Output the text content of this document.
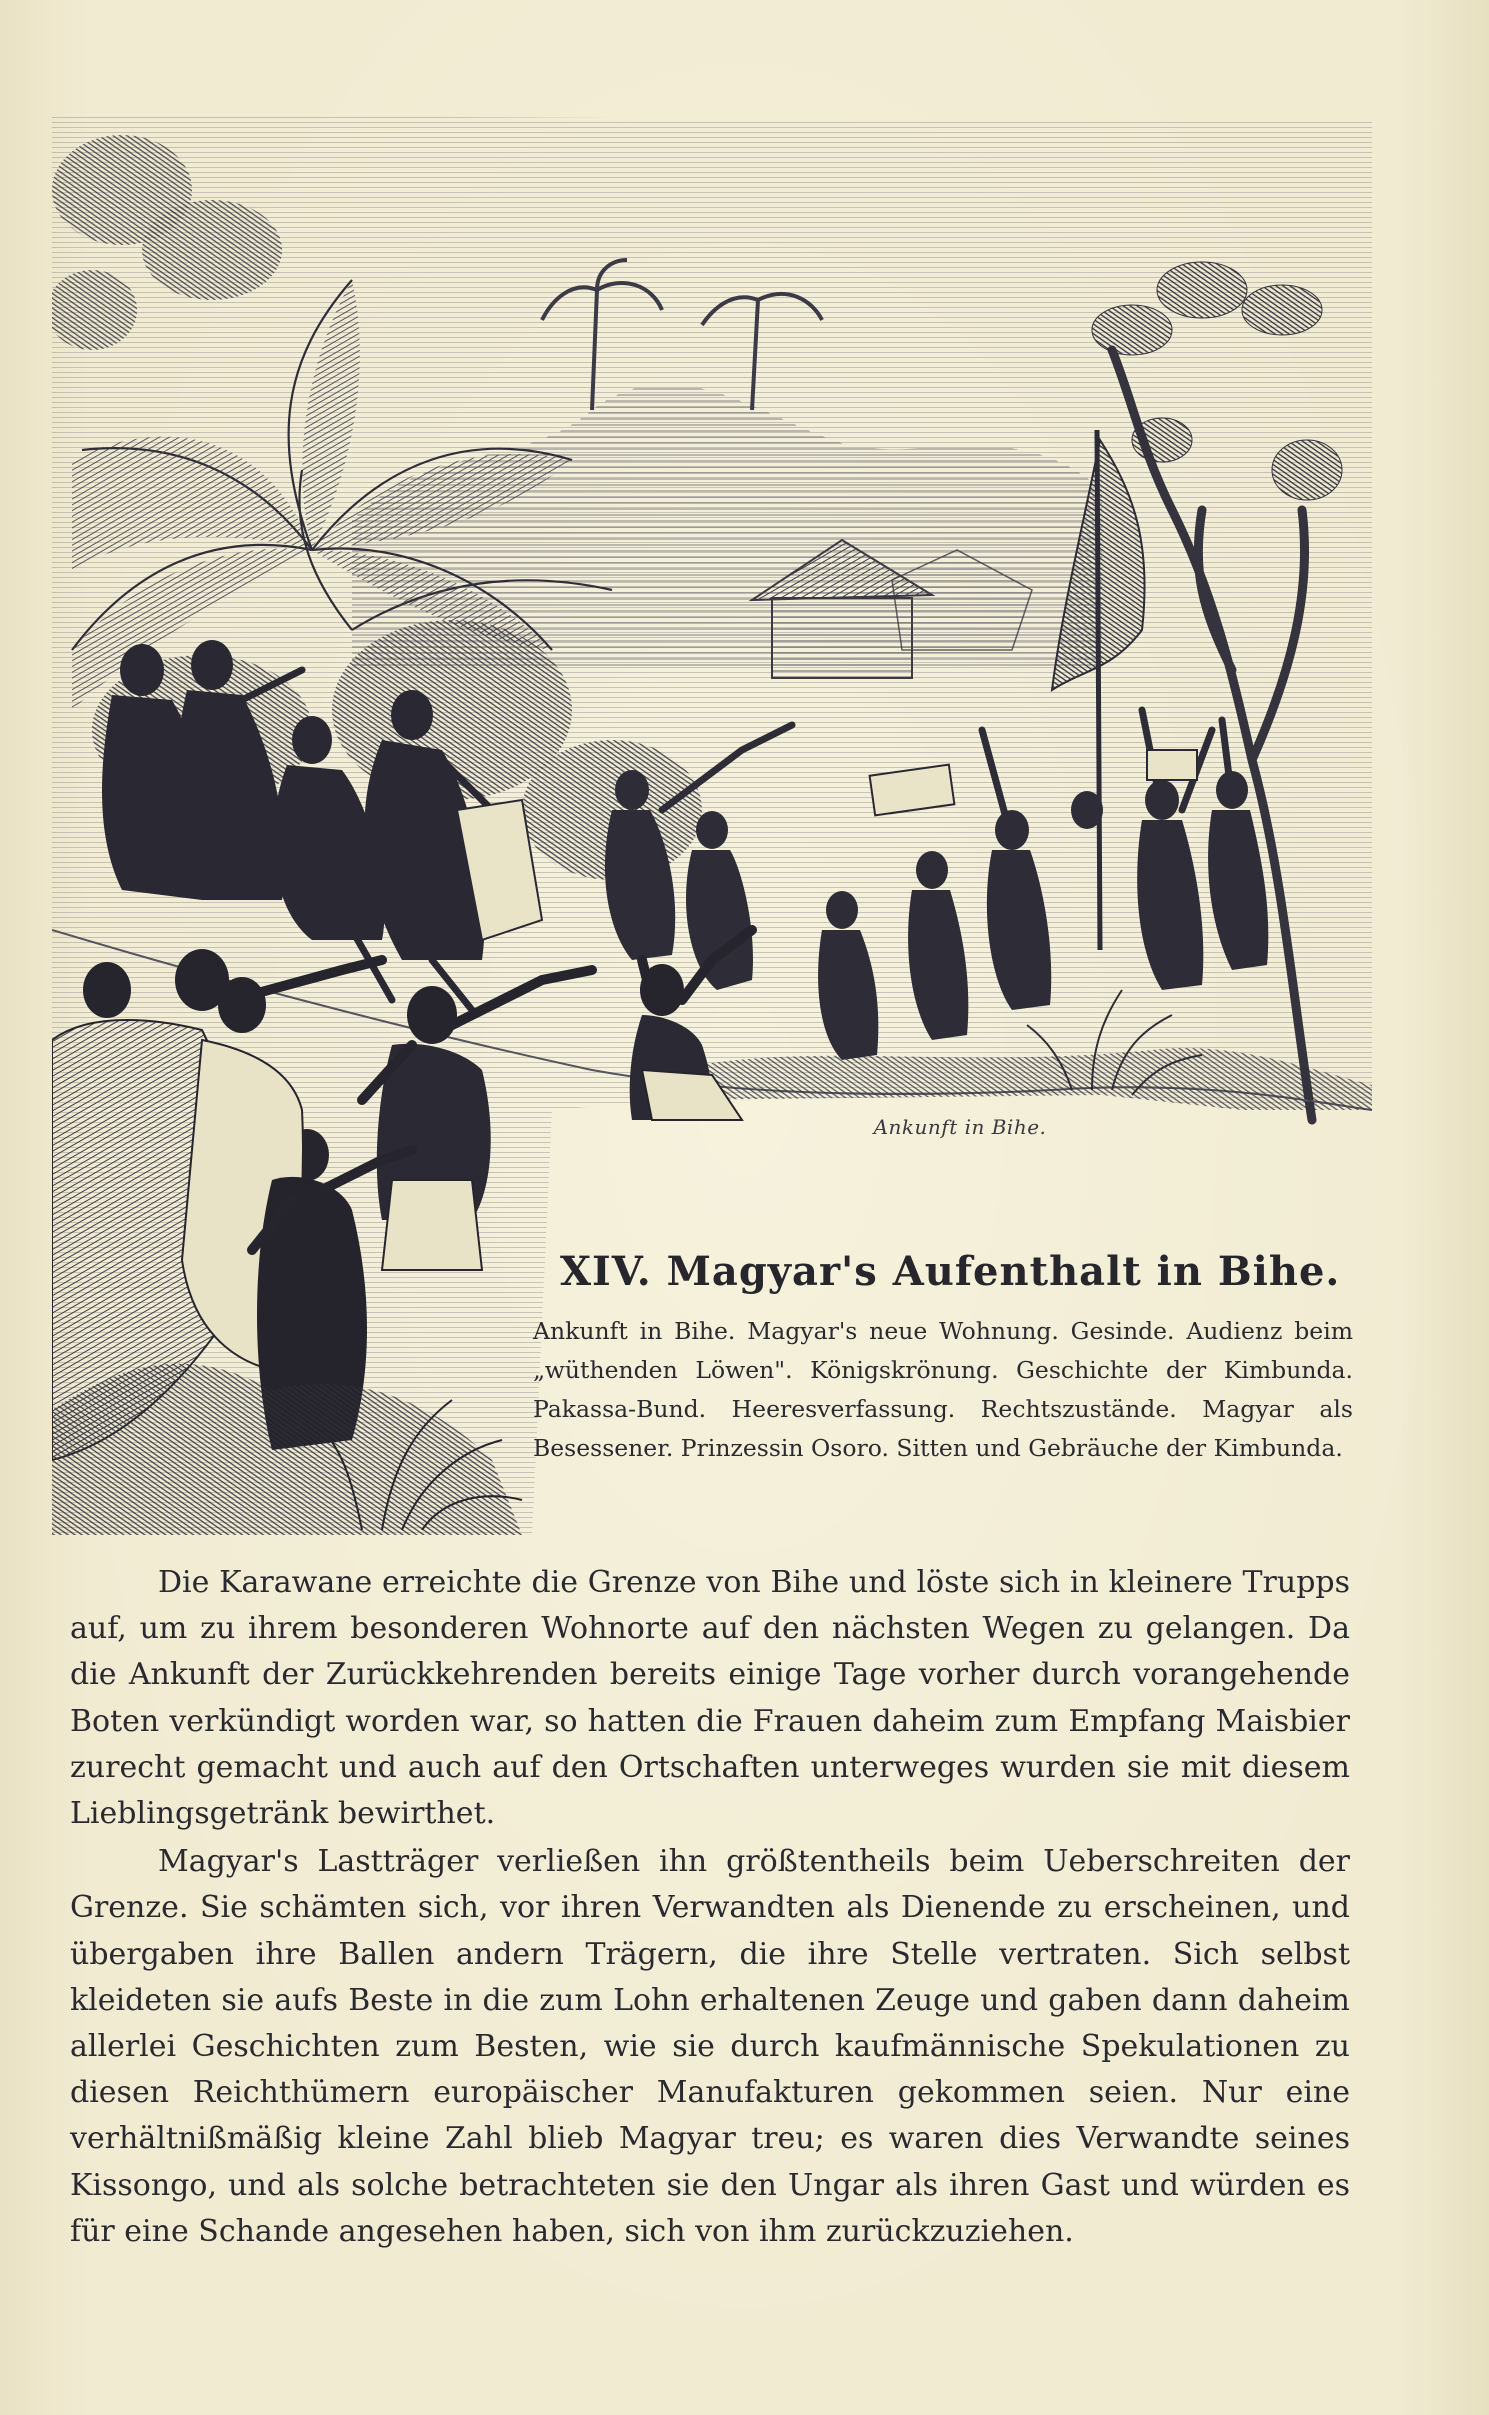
Ankunft in Bihe.
XIV. Magyar's Aufenthalt in Bihe.
Ankunft in Bihe. Magyar's neue Wohnung. Gesinde. Audienz beim „wüthenden Löwen". Königskrönung. Geschichte der Kimbunda. Pakassa-Bund. Heeresverfassung. Rechtszustände. Magyar als Besessener. Prinzessin Osoro. Sitten und Gebräuche der Kimbunda.

Die Karawane erreichte die Grenze von Bihe und löste sich in kleinere Trupps auf, um zu ihrem besonderen Wohnorte auf den nächsten Wegen zu gelangen. Da die Ankunft der Zurückkehrenden bereits einige Tage vorher durch vorangehende Boten verkündigt worden war, so hatten die Frauen daheim zum Empfang Maisbier zurecht gemacht und auch auf den Ortschaften unterweges wurden sie mit diesem Lieblingsgetränk bewirthet.

Magyar's Lastträger verließen ihn größtentheils beim Ueberschreiten der Grenze. Sie schämten sich, vor ihren Verwandten als Dienende zu erscheinen, und übergaben ihre Ballen andern Trägern, die ihre Stelle vertraten. Sich selbst kleideten sie aufs Beste in die zum Lohn erhaltenen Zeuge und gaben dann daheim allerlei Geschichten zum Besten, wie sie durch kaufmännische Spekulationen zu diesen Reichthümern europäischer Manufakturen gekommen seien. Nur eine verhältnißmäßig kleine Zahl blieb Magyar treu; es waren dies Verwandte seines Kissongo, und als solche betrachteten sie den Ungar als ihren Gast und würden es für eine Schande angesehen haben, sich von ihm zurückzuziehen.
